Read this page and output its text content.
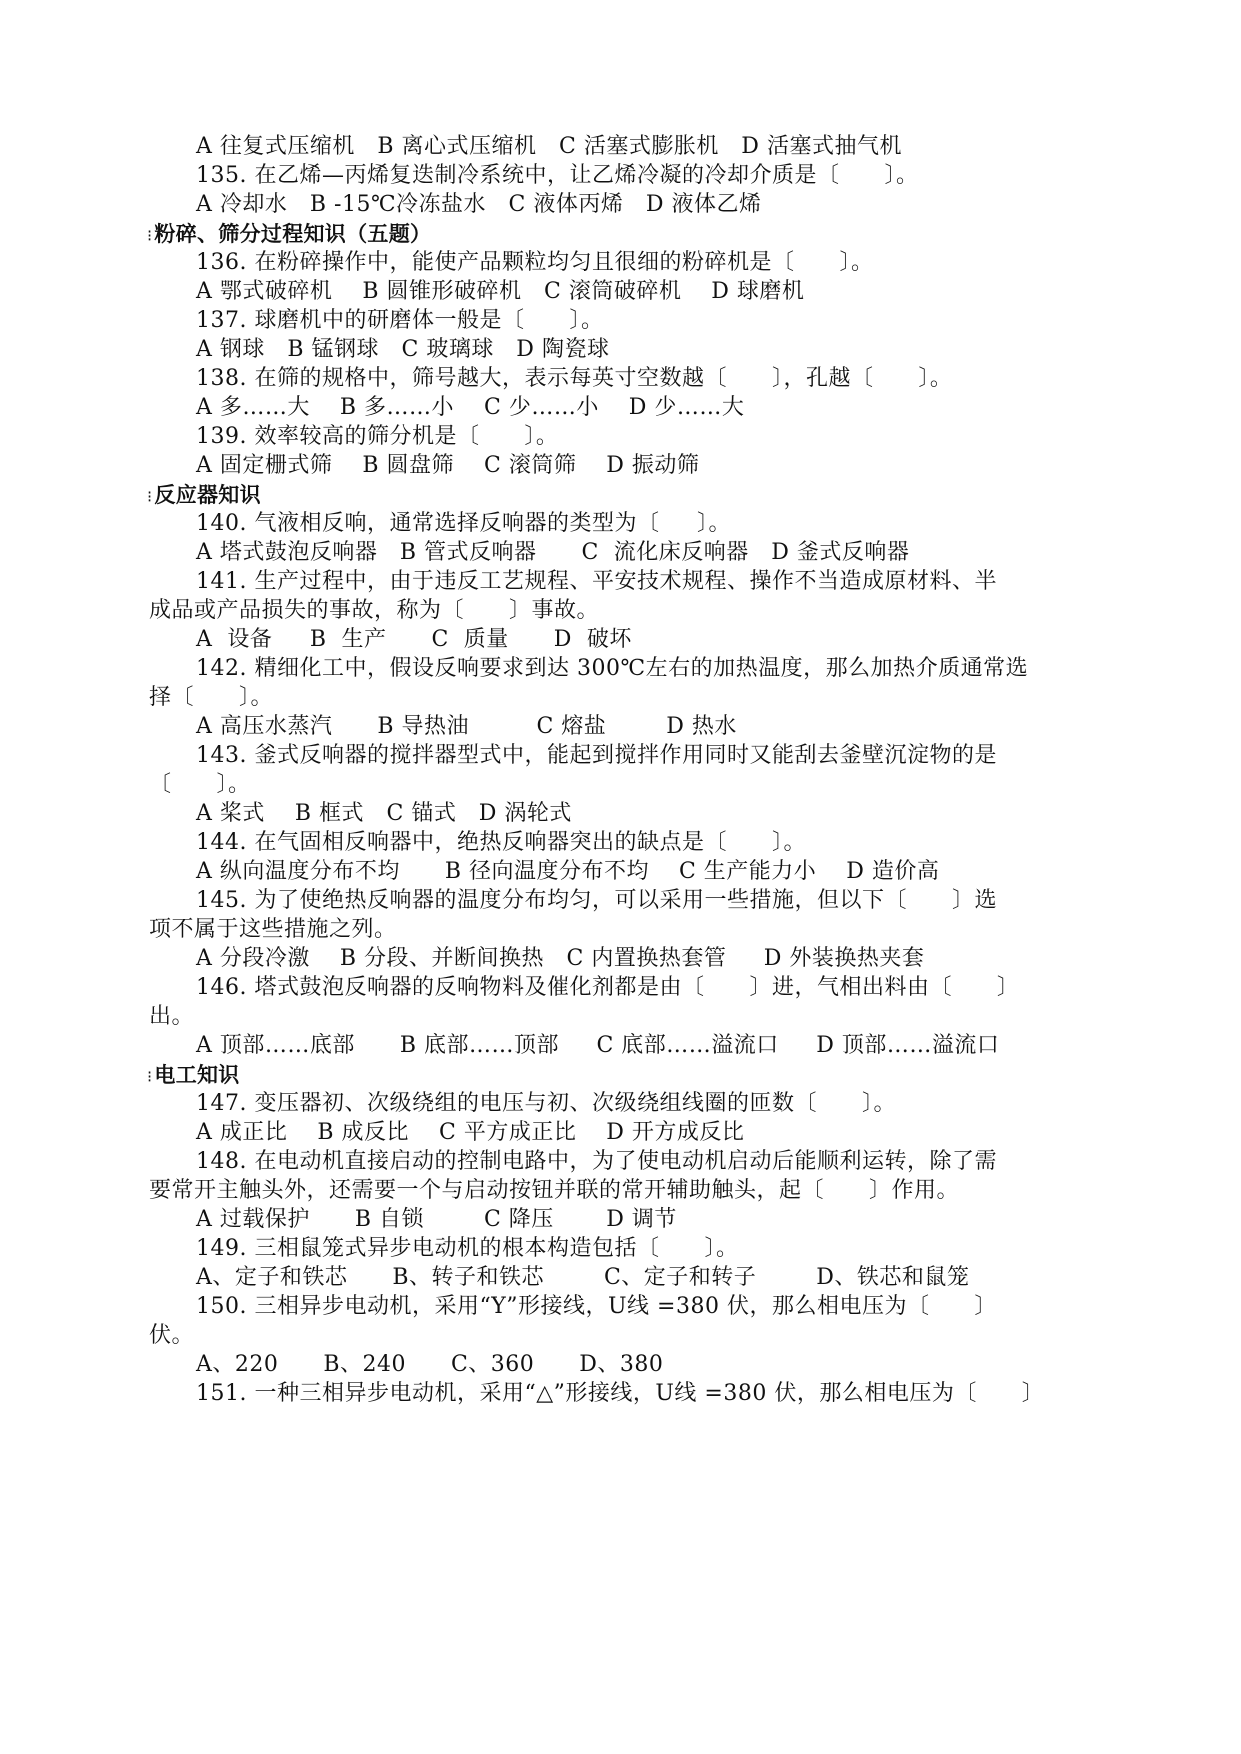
A 往复式压缩机   B 离心式压缩机   C 活塞式膨胀机   D 活塞式抽气机
135. 在乙烯—丙烯复迭制冷系统中，让乙烯冷凝的冷却介质是〔      〕。
A 冷却水   B -15℃冷冻盐水   C 液体丙烯   D 液体乙烯
⁝粉碎、筛分过程知识（五题）
136. 在粉碎操作中，能使产品颗粒均匀且很细的粉碎机是〔      〕。
A 鄂式破碎机    B 圆锥形破碎机   C 滚筒破碎机    D 球磨机
137. 球磨机中的研磨体一般是〔      〕。
A 钢球   B 锰钢球   C 玻璃球   D 陶瓷球
138. 在筛的规格中，筛号越大，表示每英寸空数越〔      〕，孔越〔      〕。
A 多……大    B 多……小    C 少……小    D 少……大
139. 效率较高的筛分机是〔      〕。
A 固定栅式筛    B 圆盘筛    C 滚筒筛    D 振动筛
⁝反应器知识
140. 气液相反响，通常选择反响器的类型为〔     〕。
A 塔式鼓泡反响器   B 管式反响器      C  流化床反响器   D 釜式反响器
141. 生产过程中，由于违反工艺规程、平安技术规程、操作不当造成原材料、半
成品或产品损失的事故，称为〔      〕事故。
A  设备     B  生产      C  质量      D  破坏
142. 精细化工中，假设反响要求到达 300℃左右的加热温度，那么加热介质通常选
择〔      〕。
A 高压水蒸汽      B 导热油         C 熔盐        D 热水
143. 釜式反响器的搅拌器型式中，能起到搅拌作用同时又能刮去釜壁沉淀物的是
〔      〕。
A 桨式    B 框式   C 锚式   D 涡轮式
144. 在气固相反响器中，绝热反响器突出的缺点是〔      〕。
A 纵向温度分布不均      B 径向温度分布不均    C 生产能力小    D 造价高
145. 为了使绝热反响器的温度分布均匀，可以采用一些措施，但以下〔      〕选
项不属于这些措施之列。
A 分段冷激    B 分段、并断间换热   C 内置换热套管     D 外装换热夹套
146. 塔式鼓泡反响器的反响物料及催化剂都是由〔      〕进，气相出料由〔      〕
出。
A 顶部……底部      B 底部……顶部     C 底部……溢流口     D 顶部……溢流口
⁝电工知识
147. 变压器初、次级绕组的电压与初、次级绕组线圈的匝数〔      〕。
A 成正比    B 成反比    C 平方成正比    D 开方成反比
148. 在电动机直接启动的控制电路中，为了使电动机启动后能顺利运转，除了需
要常开主触头外，还需要一个与启动按钮并联的常开辅助触头，起〔      〕作用。
A 过载保护      B 自锁        C 降压       D 调节
149. 三相鼠笼式异步电动机的根本构造包括〔      〕。
A、定子和铁芯      B、转子和铁芯        C、定子和转子        D、铁芯和鼠笼
150. 三相异步电动机，采用“Y”形接线，U线 =380 伏，那么相电压为〔      〕
伏。
A、220      B、240      C、360      D、380
151. 一种三相异步电动机，采用“△”形接线，U线 =380 伏，那么相电压为〔      〕
